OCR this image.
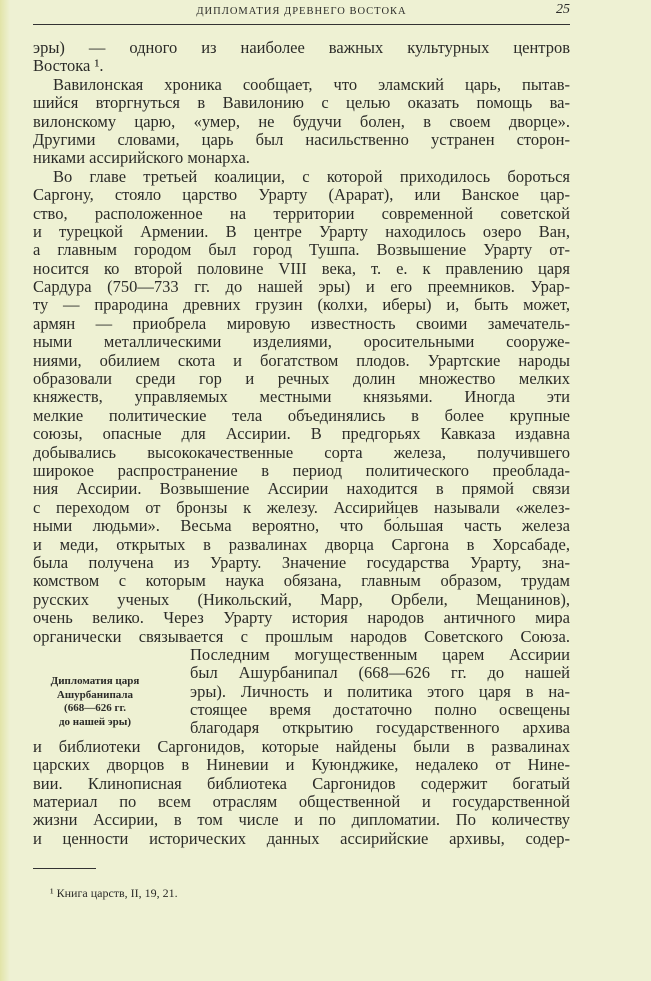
ДИПЛОМАТИЯ ДРЕВНЕГО ВОСТОКА	25
эры) — одного из наиболее важных культурных центров
Востока ¹.
Вавилонская хроника сообщает, что эламский царь, пытав-
шийся вторгнуться в Вавилонию с целью оказать помощь ва-
вилонскому царю, «умер, не будучи болен, в своем дворце».
Другими словами, царь был насильственно устранен сторон-
никами ассирийского монарха.
Во главе третьей коалиции, с которой приходилось бороться
Саргону, стояло царство Урарту (Арарат), или Ванское цар-
ство, расположенное на территории современной советской
и турецкой Армении. В центре Урарту находилось озеро Ван,
а главным городом был город Тушпа. Возвышение Урарту от-
носится ко второй половине VIII века, т. е. к правлению царя
Сардура (750—733 гг. до нашей эры) и его преемников. Урар-
ту — прародина древних грузин (колхи, иберы) и, быть может,
армян — приобрела мировую известность своими замечатель-
ными металлическими изделиями, оросительными сооруже-
ниями, обилием скота и богатством плодов. Урартские народы
образовали среди гор и речных долин множество мелких
княжеств, управляемых местными князьями. Иногда эти
мелкие политические тела объединялись в более крупные
союзы, опасные для Ассирии. В предгорьях Кавказа издавна
добывались высококачественные сорта железа, получившего
широкое распространение в период политического преоблада-
ния Ассирии. Возвышение Ассирии находится в прямой связи
с переходом от бронзы к железу. Ассирийцев называли «желез-
ными людьми». Весьма вероятно, что бо́льшая часть железа
и меди, открытых в развалинах дворца Саргона в Хорсабаде,
была получена из Урарту. Значение государства Урарту, зна-
комством с которым наука обязана, главным образом, трудам
русских ученых (Никольский, Марр, Орбели, Мещанинов),
очень велико. Через Урарту история народов античного мира
органически связывается с прошлым народов Советского Союза.
Последним могущественным царем Ассирии
был Ашурбанипал (668—626 гг. до нашей
эры). Личность и политика этого царя в на-
стоящее время достаточно полно освещены
благодаря открытию государственного архива
и библиотеки Саргонидов, которые найдены были в развалинах
царских дворцов в Ниневии и Куюнджике, недалеко от Нине-
вии. Клинописная библиотека Саргонидов содержит богатый
материал по всем отраслям общественной и государственной
жизни Ассирии, в том числе и по дипломатии. По количеству
и ценности исторических данных ассирийские архивы, содер-
Дипломатия царя
Ашурбанипала
(668—626 гг.
до нашей эры)
¹ Книга царств, II, 19, 21.
